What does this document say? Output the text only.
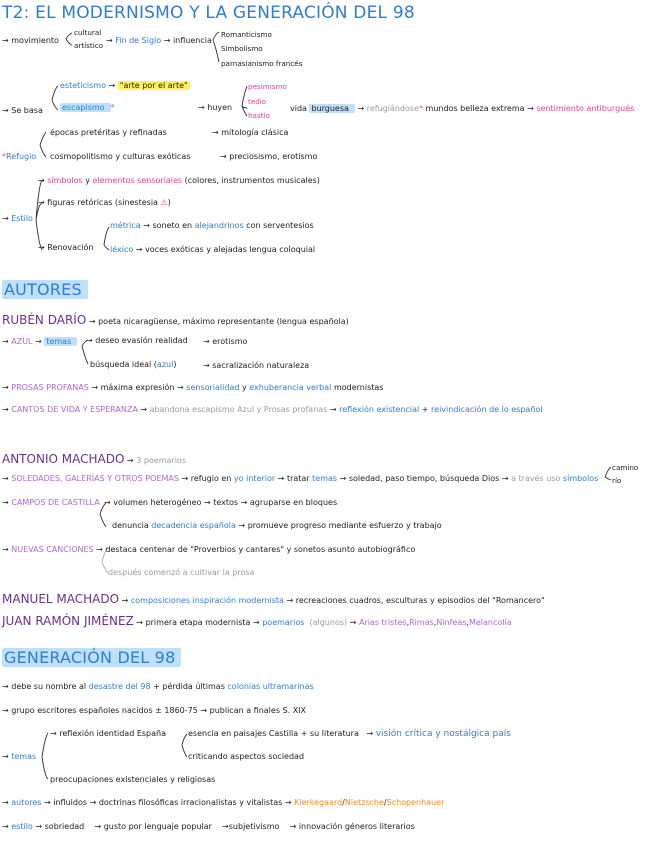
T2: EL MODERNISMO Y LA GENERACIÓN DEL 98
→ movimiento
cultural
artístico
→ Fin de Siglo → influencia
Romanticismo
Simbolismo
parnasianismo francés
→ Se basa
esteticismo → "arte por el arte"
escapismo *	→ huyen
pesimismo
tedio
hastío
vida burguesa → refugiándose* mundos belleza extrema → sentimiento antiburgués
*Refugio
épocas pretéritas y refinadas	→ mitología clásica
cosmopolitismo y culturas exóticas	→ preciosismo, erotismo
→ Estilo
→ símbolos y elementos sensoriales (colores, instrumentos musicales)
→ figuras retóricas (sinestesia ⚠)
→ Renovación
métrica → soneto en alejandrinos con serventesios
léxico → voces exóticas y alejadas lengua coloquial
AUTORES
RUBÉN DARÍO → poeta nicaragüense, máximo representante (lengua española)
→ AZUL → temas	→ deseo evasión realidad → erotismo
búsqueda ideal (azul)	→ sacralización naturaleza
→ PROSAS PROFANAS → máxima expresión → sensorialidad y exhuberancia verbal modernistas
→ CANTOS DE VIDA Y ESPERANZA → abandona escapismo Azul y Prosas profanas → reflexión existencial + reivindicación de lo español
ANTONIO MACHADO → 3 poemarios
→ SOLEDADES, GALERÍAS Y OTROS POEMAS → refugio en yo interior → tratar temas → soledad, paso tiempo, búsqueda Dios → a través uso símbolos
camino
río
→ CAMPOS DE CASTILLA → volumen heterogéneo → textos → agruparse en bloques
denuncia decadencia española → promueve progreso mediante esfuerzo y trabajo
→ NUEVAS CANCIONES → destaca centenar de "Proverbios y cantares" y sonetos asunto autobiográfico
después comenzó a cultivar la prosa
MANUEL MACHADO → composiciones inspiración modernista → recreaciones cuadros, esculturas y episodios del "Romancero"
JUAN RAMÓN JIMÉNEZ → primera etapa modernista → poemarios (algunos) → Arias tristes,Rimas,Ninfeas,Melancolía
GENERACIÓN DEL 98
→ debe su nombre al desastre del 98 + pérdida últimas colonias ultramarinas
→ grupo escritores españoles nacidos ± 1860-75 → publican a finales S. XIX
→ temas
→ reflexión identidad España	esencia en paisajes Castilla + su literatura   → visión crítica y nostálgica país
criticando aspectos sociedad
preocupaciones existenciales y religiosas
→ autores → influidos → doctrinas filosóficas irracionalistas y vitalistas → Kierkegaard/Nietzsche/Schopenhauer
→ estilo → sobriedad    → gusto por lenguaje popular    →subjetivismo    → innovación géneros literarios
